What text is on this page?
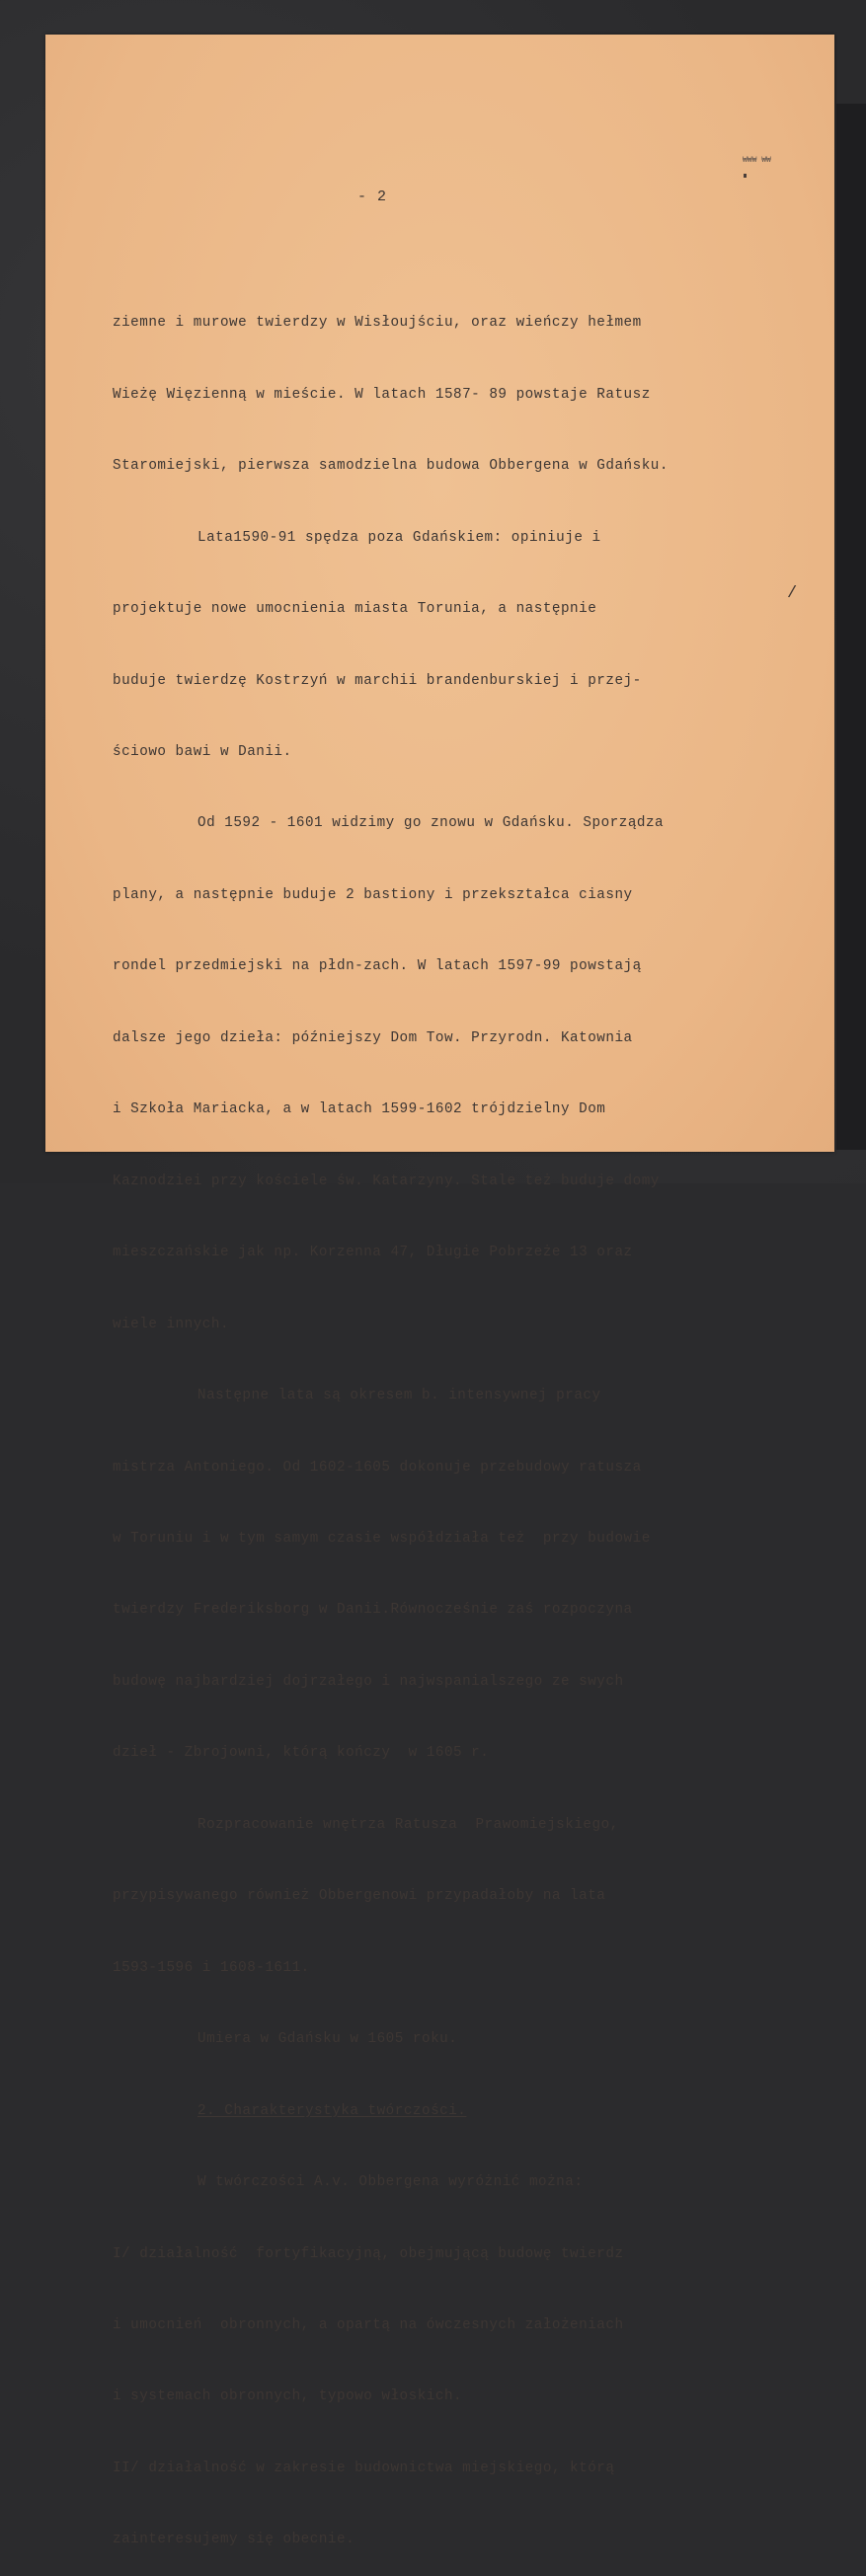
- 2
₩₩₩ ₩₩
/

ziemne i murowe twierdzy w Wisłoujściu, oraz wieńczy hełmem

Wieżę Więzienną w mieście. W latach 1587- 89 powstaje Ratusz

Staromiejski, pierwsza samodzielna budowa Obbergena w Gdańsku.

Lata1590-91 spędza poza Gdańskiem: opiniuje i

projektuje nowe umocnienia miasta Torunia, a następnie

buduje twierdzę Kostrzyń w marchii brandenburskiej i przej-

ściowo bawi w Danii.

Od 1592 - 1601 widzimy go znowu w Gdańsku. Sporządza

plany, a następnie buduje 2 bastiony i przekształca ciasny

rondel przedmiejski na płdn-zach. W latach 1597-99 powstają

dalsze jego dzieła: późniejszy Dom Tow. Przyrodn. Katownia

i Szkoła Mariacka, a w latach 1599-1602 trójdzielny Dom

Kaznodziei przy kościele św. Katarzyny. Stale też buduje domy

mieszczańskie jak np. Korzenna 47, Długie Pobrzeże 13 oraz

wiele innych.

Następne lata są okresem b. intensywnej pracy

mistrza Antoniego. Od 1602-1605 dokonuje przebudowy ratusza

w Toruniu i w tym samym czasie współdziała też  przy budowie

twierdzy Frederiksborg w Danii.Równocześnie zaś rozpoczyna

budowę najbardziej dojrzałego i najwspanialszego ze swych

dzieł - Zbrojowni, którą kończy  w 1605 r.

Rozpracowanie wnętrza Ratusza  Prawomiejskiego,

przypisywanego również Obbergenowi przypadałoby na lata

1593-1596 i 1608-1611.

Umiera w Gdańsku w 1605 roku.

2. Charakterystyka twórczości.

W twórczości A.v. Obbergena wyróżnić można:

I/ działalność  fortyfikacyjną, obejmującą budowę twierdz

i umocnień  obronnych, a opartą na ówczesnych założeniach

i systemach obronnych, typowo włoskich.

II/ działalność w zakresie budownictwa miejskiego, którą

zainteresujemy się obecnie.
